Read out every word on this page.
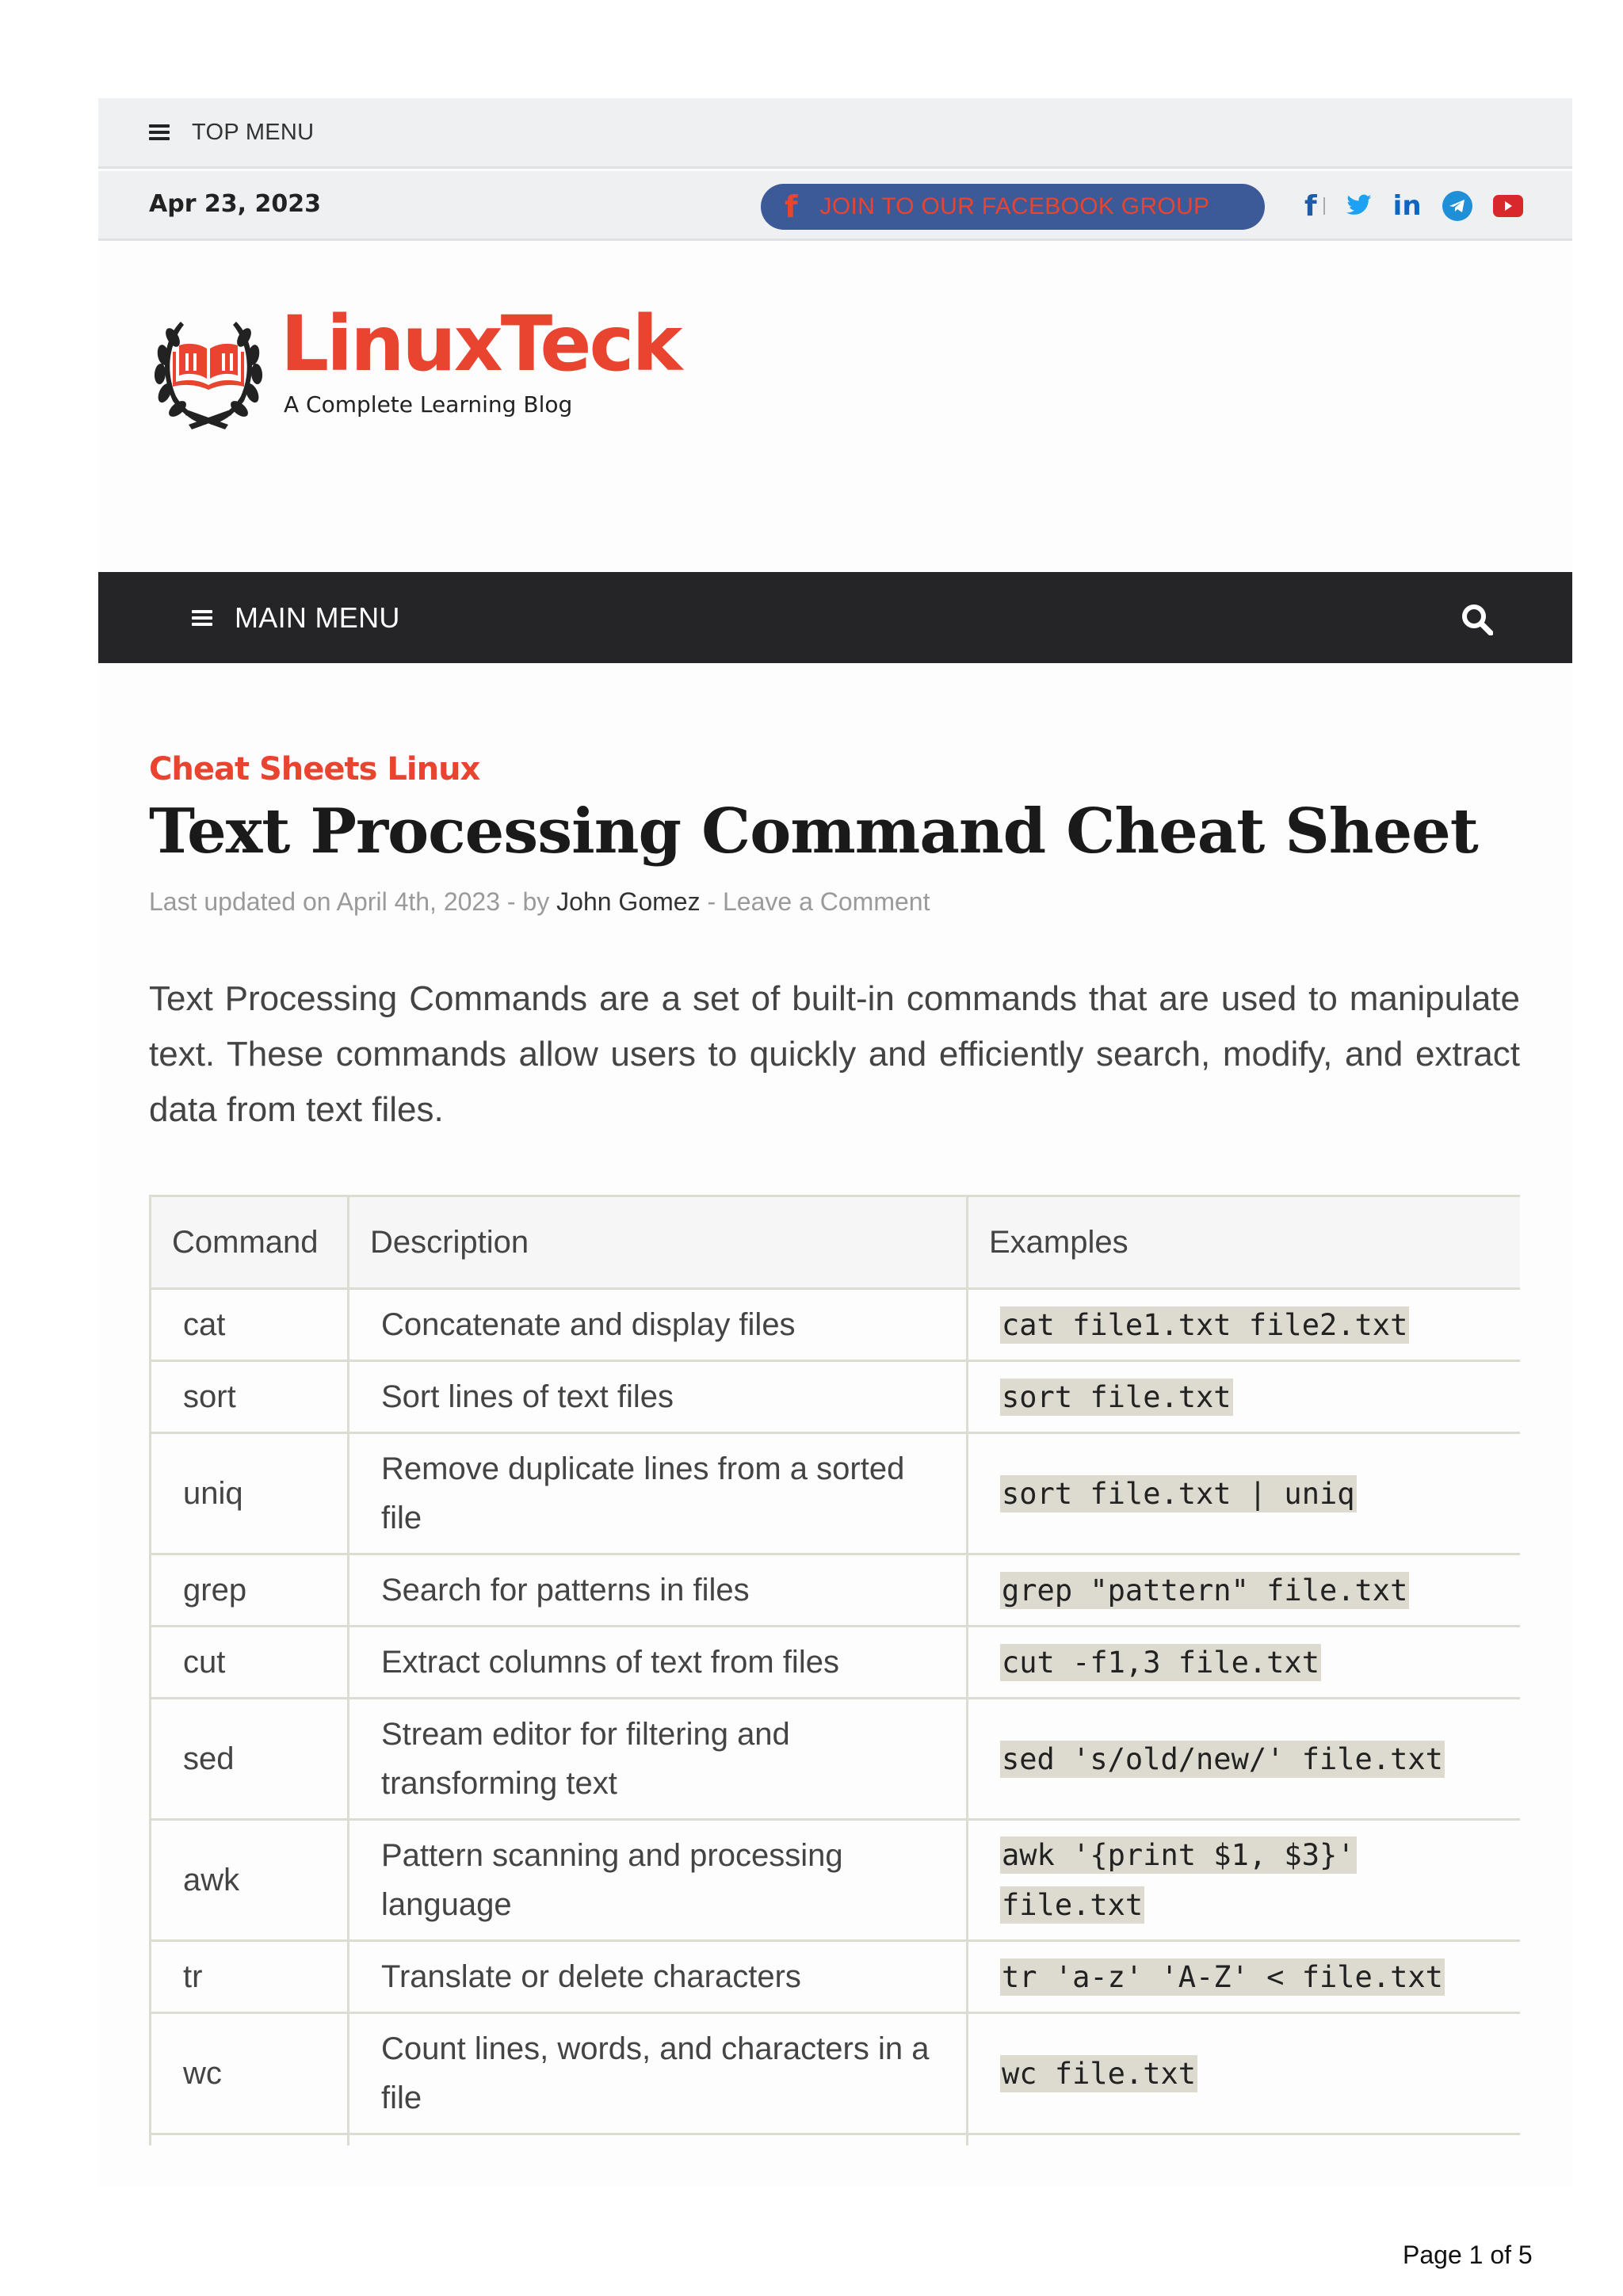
TOP MENU
Apr 23, 2023	f JOIN TO OUR FACEBOOK GROUP	f	in
LinuxTeck
A Complete Learning Blog
MAIN MENU
Cheat Sheets Linux
Text Processing Command Cheat Sheet
Last updated on April 4th, 2023 - by John Gomez - Leave a Comment

Text Processing Commands are a set of built-in commands that are used to manipulate text. These commands allow users to quickly and efficiently search, modify, and extract data from text files.

Command	Description	Examples
cat	Concatenate and display files	cat file1.txt file2.txt
sort	Sort lines of text files	sort file.txt
uniq	Remove duplicate lines from a sorted file	sort file.txt | uniq
grep	Search for patterns in files	grep "pattern" file.txt
cut	Extract columns of text from files	cut -f1,3 file.txt
sed	Stream editor for filtering and transforming text	sed 's/old/new/' file.txt
awk	Pattern scanning and processing language	awk '{print $1, $3}' file.txt
tr	Translate or delete characters	tr 'a-z' 'A-Z' < file.txt
wc	Count lines, words, and characters in a file	wc file.txt

Page 1 of 5
